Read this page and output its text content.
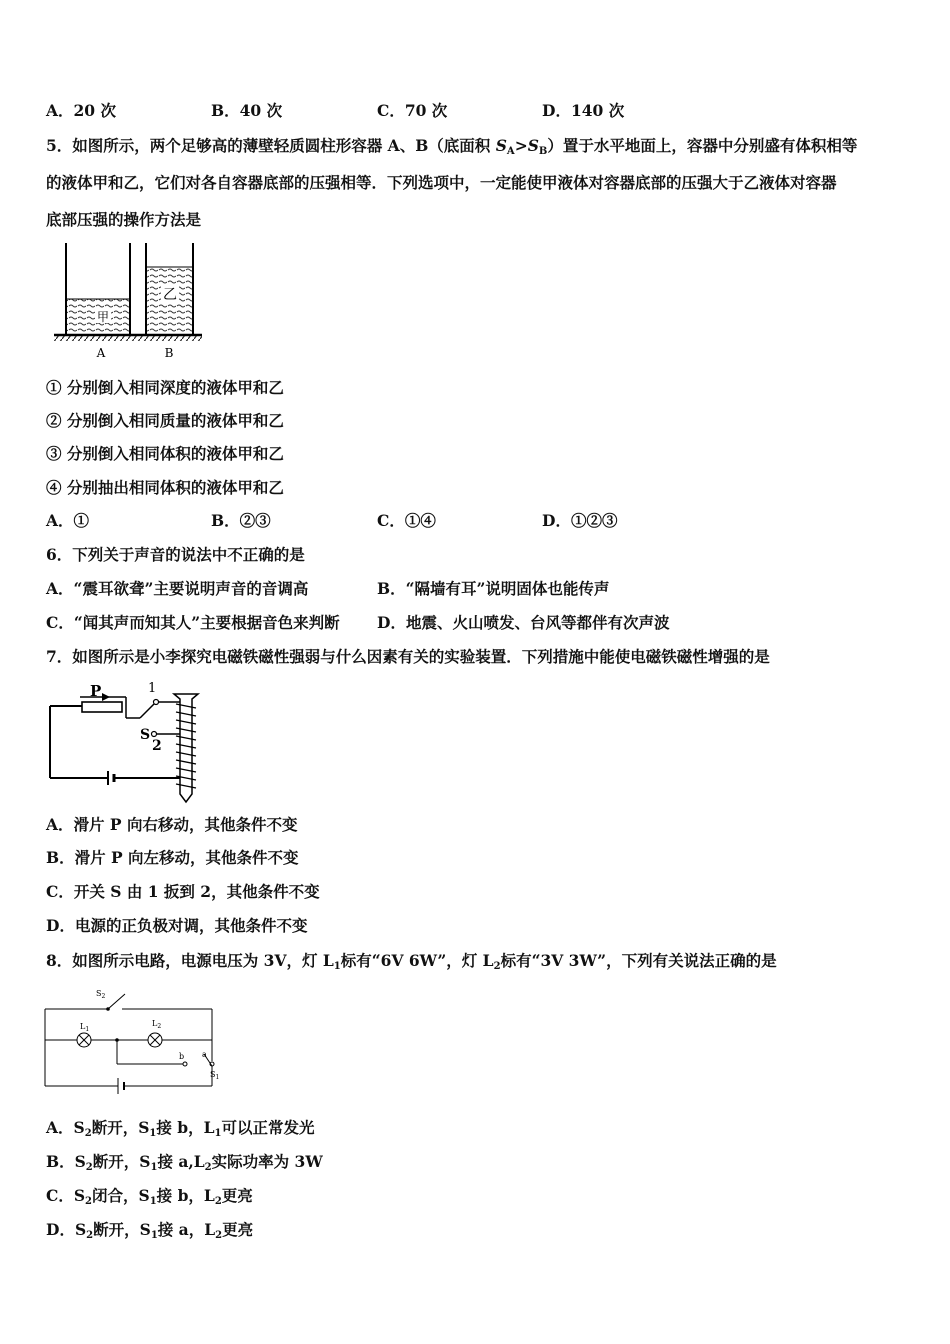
A．20 次	B．40 次	C．70 次	D．140 次
5．如图所示，两个足够高的薄壁轻质圆柱形容器 A、B（底面积 $S_A>S_B$）置于水平地面上，容器中分别盛有体积相等
的液体甲和乙，它们对各自容器底部的压强相等．下列选项中，一定能使甲液体对容器底部的压强大于乙液体对容器
底部压强的操作方法是
甲
乙
A	B
① 分别倒入相同深度的液体甲和乙
② 分别倒入相同质量的液体甲和乙
③ 分别倒入相同体积的液体甲和乙
④ 分别抽出相同体积的液体甲和乙
A．①	B．②③	C．①④	D．①②③
6．下列关于声音的说法中不正确的是
A．“震耳欲聋”主要说明声音的音调高	B．“隔墙有耳”说明固体也能传声
C．“闻其声而知其人”主要根据音色来判断 D．地震、火山喷发、台风等都伴有次声波
7．如图所示是小李探究电磁铁磁性强弱与什么因素有关的实验装置．下列措施中能使电磁铁磁性增强的是
P	1
S
2
A．滑片 P 向右移动，其他条件不变
B．滑片 P 向左移动，其他条件不变
C．开关 S 由 1 扳到 2，其他条件不变
D．电源的正负极对调，其他条件不变
8．如图所示电路，电源电压为 3V，灯 $L_1$标有“6V 6W”，灯 $L_2$标有“3V 3W”，下列有关说法正确的是
$S_2$
$L_1$
$L_2$
b a
$S_1$
A．$S_2$断开，$S_1$接 b，$L_1$可以正常发光
B．$S_2$断开，$S_1$接 $a,L_2$实际功率为 3W
C．$S_2$闭合，$S_1$接 b，$L_2$更亮
D．$S_2$断开，$S_1$接 a，$L_2$更亮
